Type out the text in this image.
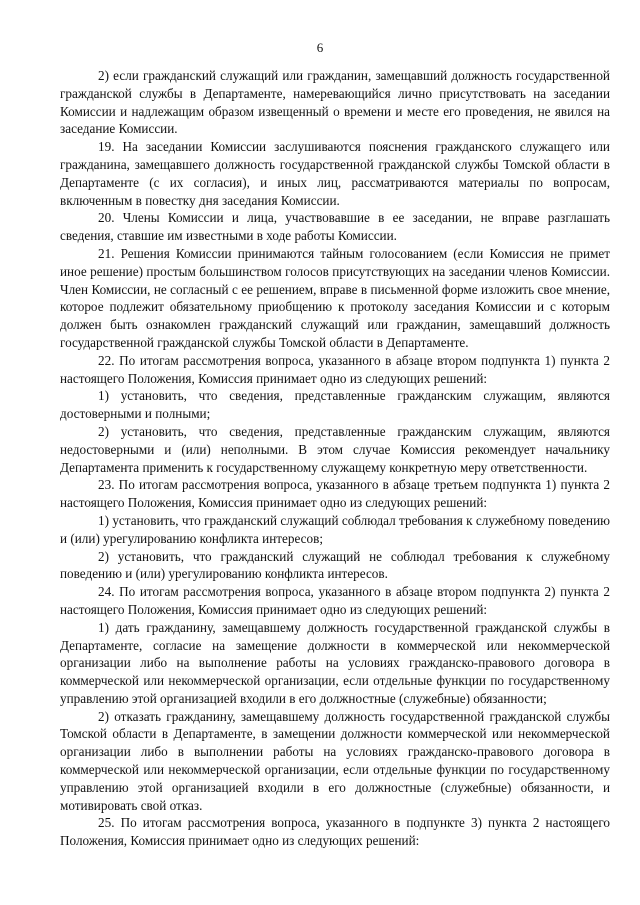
6

2) если гражданский служащий или гражданин, замещавший должность государственной гражданской службы в Департаменте, намеревающийся лично присутствовать на заседании Комиссии и надлежащим образом извещенный о времени и месте его проведения, не явился на заседание Комиссии.

19. На заседании Комиссии заслушиваются пояснения гражданского служащего или гражданина, замещавшего должность государственной гражданской службы Томской области в Департаменте (с их согласия), и иных лиц, рассматриваются материалы по вопросам, включенным в повестку дня заседания Комиссии.

20. Члены Комиссии и лица, участвовавшие в ее заседании, не вправе разглашать сведения, ставшие им известными в ходе работы Комиссии.

21. Решения Комиссии принимаются тайным голосованием (если Комиссия не примет иное решение) простым большинством голосов присутствующих на заседании членов Комиссии. Член Комиссии, не согласный с ее решением, вправе в письменной форме изложить свое мнение, которое подлежит обязательному приобщению к протоколу заседания Комиссии и с которым должен быть ознакомлен гражданский служащий или гражданин, замещавший должность государственной гражданской службы Томской области в Департаменте.

22. По итогам рассмотрения вопроса, указанного в абзаце втором подпункта 1) пункта 2 настоящего Положения, Комиссия принимает одно из следующих решений:

1) установить, что сведения, представленные гражданским служащим, являются достоверными и полными;

2) установить, что сведения, представленные гражданским служащим, являются недостоверными и (или) неполными. В этом случае Комиссия рекомендует начальнику Департамента применить к государственному служащему конкретную меру ответственности.

23. По итогам рассмотрения вопроса, указанного в абзаце третьем подпункта 1) пункта 2 настоящего Положения, Комиссия принимает одно из следующих решений:

1) установить, что гражданский служащий соблюдал требования к служебному поведению и (или) урегулированию конфликта интересов;

2) установить, что гражданский служащий не соблюдал требования к служебному поведению и (или) урегулированию конфликта интересов.

24. По итогам рассмотрения вопроса, указанного в абзаце втором подпункта 2) пункта 2 настоящего Положения, Комиссия принимает одно из следующих решений:

1) дать гражданину, замещавшему должность государственной гражданской службы в Департаменте, согласие на замещение должности в коммерческой или некоммерческой организации либо на выполнение работы на условиях гражданско-правового договора в коммерческой или некоммерческой организации, если отдельные функции по государственному управлению этой организацией входили в его должностные (служебные) обязанности;

2) отказать гражданину, замещавшему должность государственной гражданской службы Томской области в Департаменте, в замещении должности коммерческой или некоммерческой организации либо в выполнении работы на условиях гражданско-правового договора в коммерческой или некоммерческой организации, если отдельные функции по государственному управлению этой организацией входили в его должностные (служебные) обязанности, и мотивировать свой отказ.

25. По итогам рассмотрения вопроса, указанного в подпункте 3) пункта 2 настоящего Положения, Комиссия принимает одно из следующих решений:
